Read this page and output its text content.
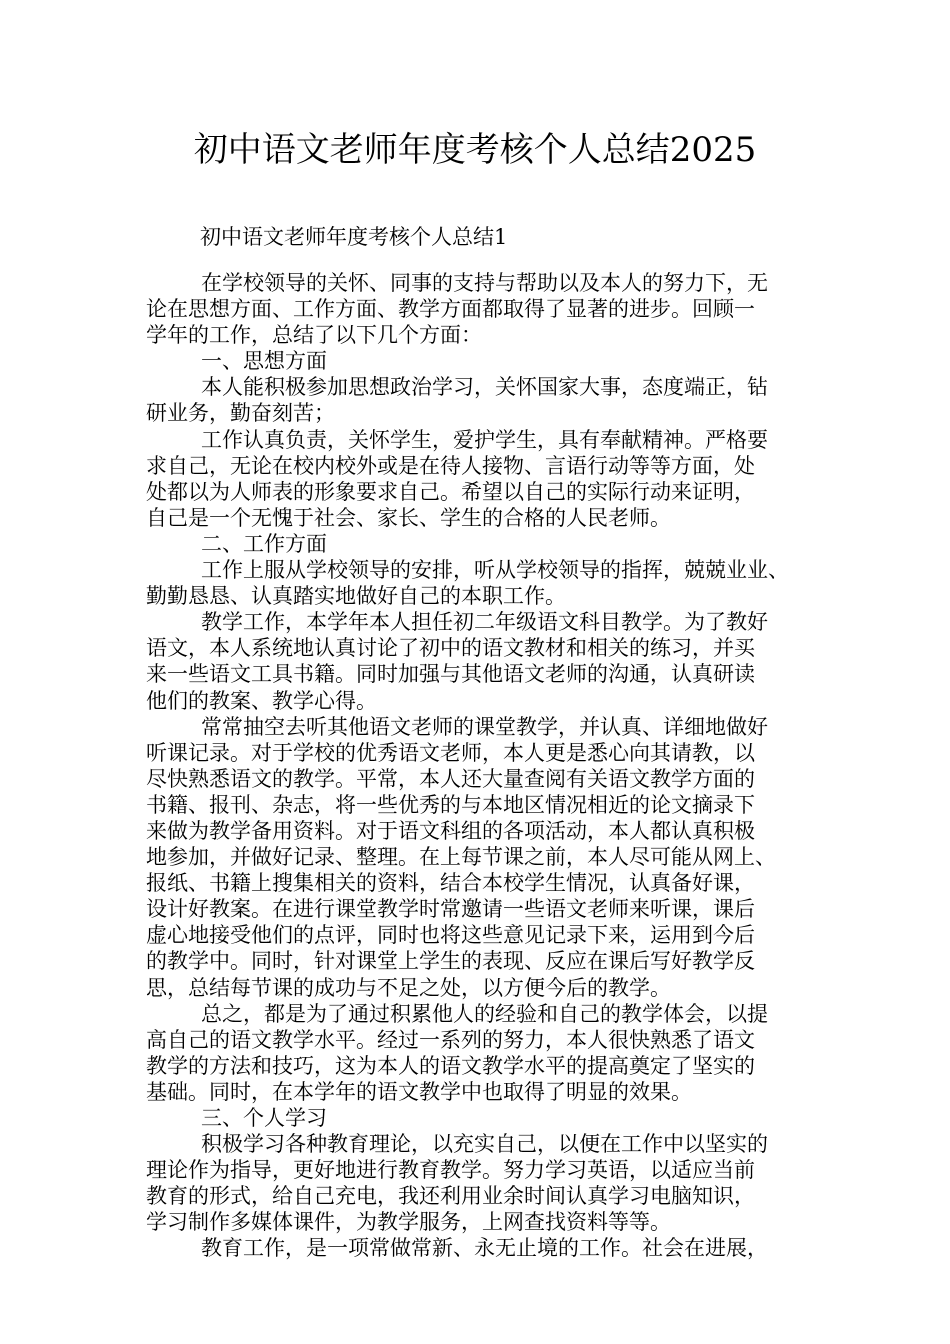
初中语文老师年度考核个人总结2025
初中语文老师年度考核个人总结1
在学校领导的关怀、同事的支持与帮助以及本人的努力下，无
论在思想方面、工作方面、教学方面都取得了显著的进步。回顾一
学年的工作，总结了以下几个方面：
一、思想方面
本人能积极参加思想政治学习，关怀国家大事，态度端正，钻
研业务，勤奋刻苦；
工作认真负责，关怀学生，爱护学生，具有奉献精神。严格要
求自己，无论在校内校外或是在待人接物、言语行动等等方面，处
处都以为人师表的形象要求自己。希望以自己的实际行动来证明，
自己是一个无愧于社会、家长、学生的合格的人民老师。
二、工作方面
工作上服从学校领导的安排，听从学校领导的指挥，兢兢业业、
勤勤恳恳、认真踏实地做好自己的本职工作。
教学工作，本学年本人担任初二年级语文科目教学。为了教好
语文，本人系统地认真讨论了初中的语文教材和相关的练习，并买
来一些语文工具书籍。同时加强与其他语文老师的沟通，认真研读
他们的教案、教学心得。
常常抽空去听其他语文老师的课堂教学，并认真、详细地做好
听课记录。对于学校的优秀语文老师，本人更是悉心向其请教，以
尽快熟悉语文的教学。平常，本人还大量查阅有关语文教学方面的
书籍、报刊、杂志，将一些优秀的与本地区情况相近的论文摘录下
来做为教学备用资料。对于语文科组的各项活动，本人都认真积极
地参加，并做好记录、整理。在上每节课之前，本人尽可能从网上、
报纸、书籍上搜集相关的资料，结合本校学生情况，认真备好课，
设计好教案。在进行课堂教学时常邀请一些语文老师来听课，课后
虚心地接受他们的点评，同时也将这些意见记录下来，运用到今后
的教学中。同时，针对课堂上学生的表现、反应在课后写好教学反
思，总结每节课的成功与不足之处，以方便今后的教学。
总之，都是为了通过积累他人的经验和自己的教学体会，以提
高自己的语文教学水平。经过一系列的努力，本人很快熟悉了语文
教学的方法和技巧，这为本人的语文教学水平的提高奠定了坚实的
基础。同时，在本学年的语文教学中也取得了明显的效果。
三、个人学习
积极学习各种教育理论，以充实自己，以便在工作中以坚实的
理论作为指导，更好地进行教育教学。努力学习英语，以适应当前
教育的形式，给自己充电，我还利用业余时间认真学习电脑知识，
学习制作多媒体课件，为教学服务，上网查找资料等等。
教育工作，是一项常做常新、永无止境的工作。社会在进展，
